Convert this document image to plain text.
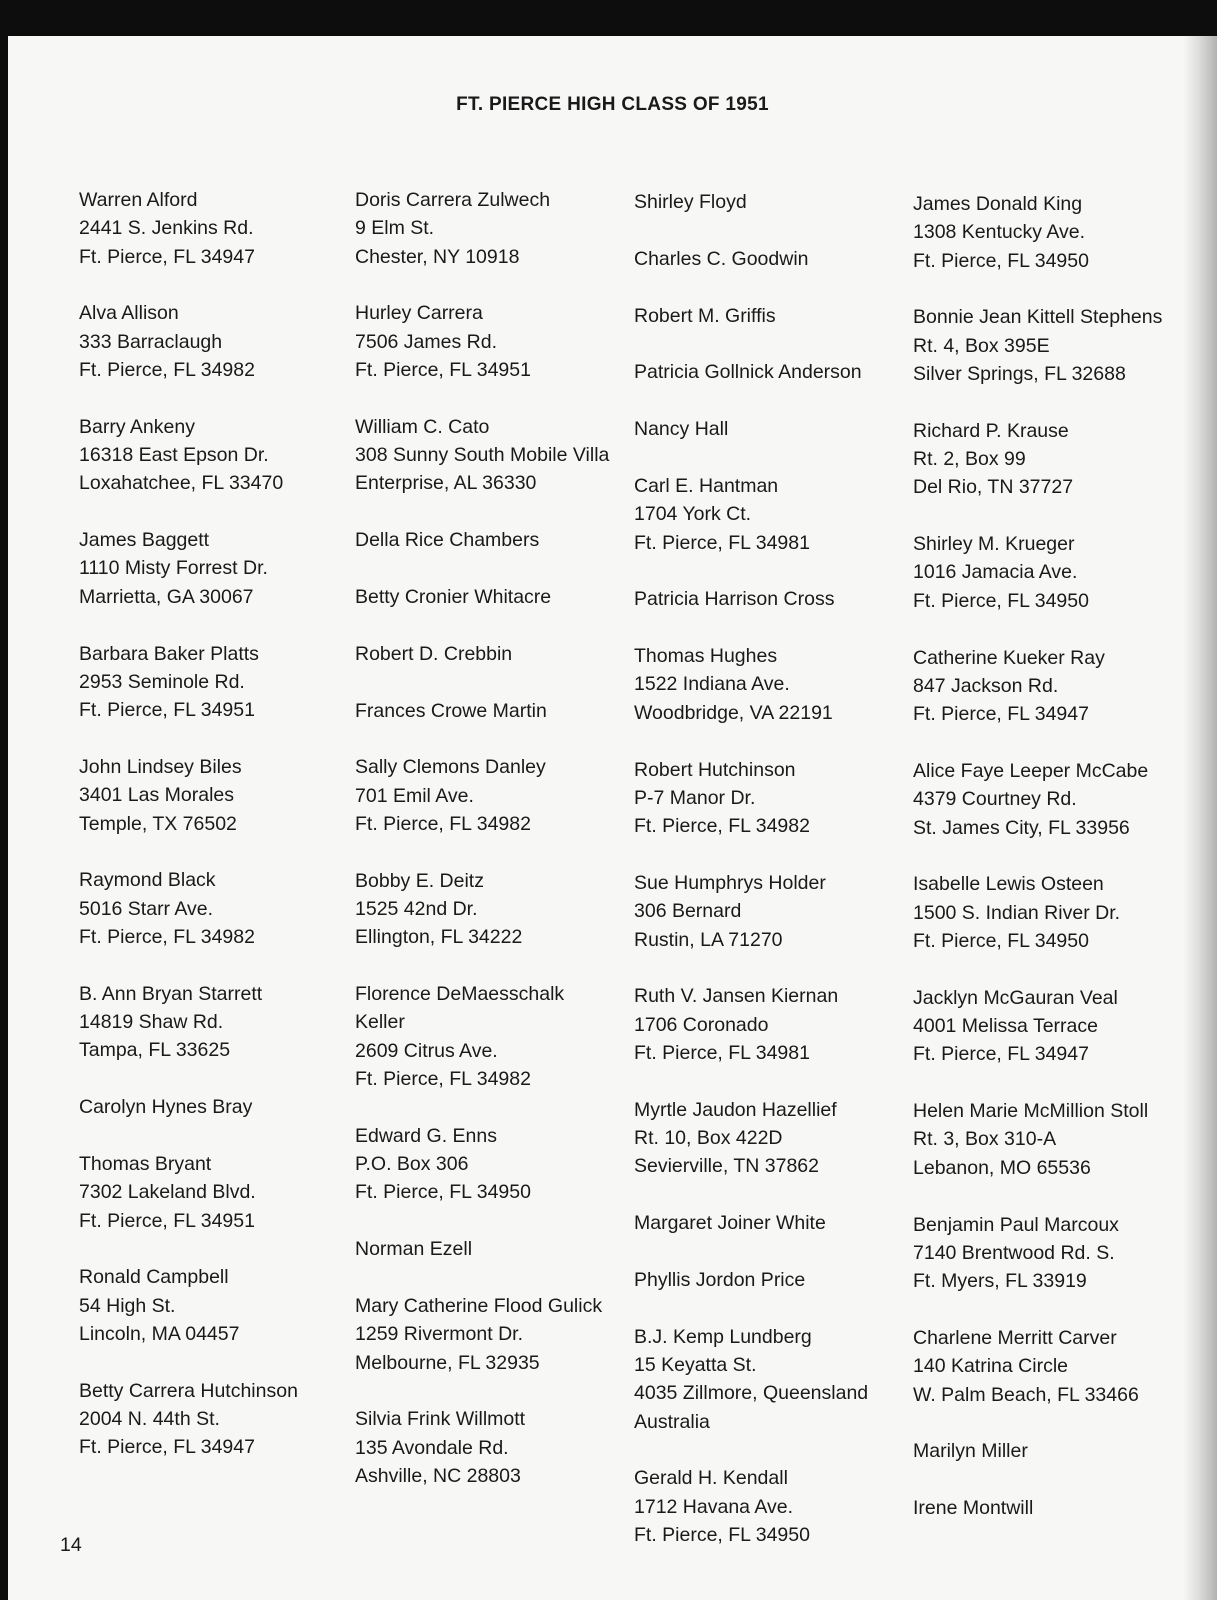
FT. PIERCE HIGH CLASS OF 1951
Warren Alford
2441 S. Jenkins Rd.
Ft. Pierce, FL 34947
Alva Allison
333 Barraclaugh
Ft. Pierce, FL 34982
Barry Ankeny
16318 East Epson Dr.
Loxahatchee, FL 33470
James Baggett
1110 Misty Forrest Dr.
Marrietta, GA 30067
Barbara Baker Platts
2953 Seminole Rd.
Ft. Pierce, FL 34951
John Lindsey Biles
3401 Las Morales
Temple, TX 76502
Raymond Black
5016 Starr Ave.
Ft. Pierce, FL 34982
B. Ann Bryan Starrett
14819 Shaw Rd.
Tampa, FL 33625
Carolyn Hynes Bray
Thomas Bryant
7302 Lakeland Blvd.
Ft. Pierce, FL 34951
Ronald Campbell
54 High St.
Lincoln, MA 04457
Betty Carrera Hutchinson
2004 N. 44th St.
Ft. Pierce, FL 34947
Doris Carrera Zulwech
9 Elm St.
Chester, NY 10918
Hurley Carrera
7506 James Rd.
Ft. Pierce, FL 34951
William C. Cato
308 Sunny South Mobile Villa
Enterprise, AL 36330
Della Rice Chambers
Betty Cronier Whitacre
Robert D. Crebbin
Frances Crowe Martin
Sally Clemons Danley
701 Emil Ave.
Ft. Pierce, FL 34982
Bobby E. Deitz
1525 42nd Dr.
Ellington, FL 34222
Florence DeMaesschalk
Keller
2609 Citrus Ave.
Ft. Pierce, FL 34982
Edward G. Enns
P.O. Box 306
Ft. Pierce, FL 34950
Norman Ezell
Mary Catherine Flood Gulick
1259 Rivermont Dr.
Melbourne, FL 32935
Silvia Frink Willmott
135 Avondale Rd.
Ashville, NC 28803
Shirley Floyd
Charles C. Goodwin
Robert M. Griffis
Patricia Gollnick Anderson
Nancy Hall
Carl E. Hantman
1704 York Ct.
Ft. Pierce, FL 34981
Patricia Harrison Cross
Thomas Hughes
1522 Indiana Ave.
Woodbridge, VA 22191
Robert Hutchinson
P-7 Manor Dr.
Ft. Pierce, FL 34982
Sue Humphrys Holder
306 Bernard
Rustin, LA 71270
Ruth V. Jansen Kiernan
1706 Coronado
Ft. Pierce, FL 34981
Myrtle Jaudon Hazellief
Rt. 10, Box 422D
Sevierville, TN 37862
Margaret Joiner White
Phyllis Jordon Price
B.J. Kemp Lundberg
15 Keyatta St.
4035 Zillmore, Queensland
Australia
Gerald H. Kendall
1712 Havana Ave.
Ft. Pierce, FL 34950
James Donald King
1308 Kentucky Ave.
Ft. Pierce, FL 34950
Bonnie Jean Kittell Stephens
Rt. 4, Box 395E
Silver Springs, FL 32688
Richard P. Krause
Rt. 2, Box 99
Del Rio, TN 37727
Shirley M. Krueger
1016 Jamacia Ave.
Ft. Pierce, FL 34950
Catherine Kueker Ray
847 Jackson Rd.
Ft. Pierce, FL 34947
Alice Faye Leeper McCabe
4379 Courtney Rd.
St. James City, FL 33956
Isabelle Lewis Osteen
1500 S. Indian River Dr.
Ft. Pierce, FL 34950
Jacklyn McGauran Veal
4001 Melissa Terrace
Ft. Pierce, FL 34947
Helen Marie McMillion Stoll
Rt. 3, Box 310-A
Lebanon, MO 65536
Benjamin Paul Marcoux
7140 Brentwood Rd. S.
Ft. Myers, FL 33919
Charlene Merritt Carver
140 Katrina Circle
W. Palm Beach, FL 33466
Marilyn Miller
Irene Montwill
14
